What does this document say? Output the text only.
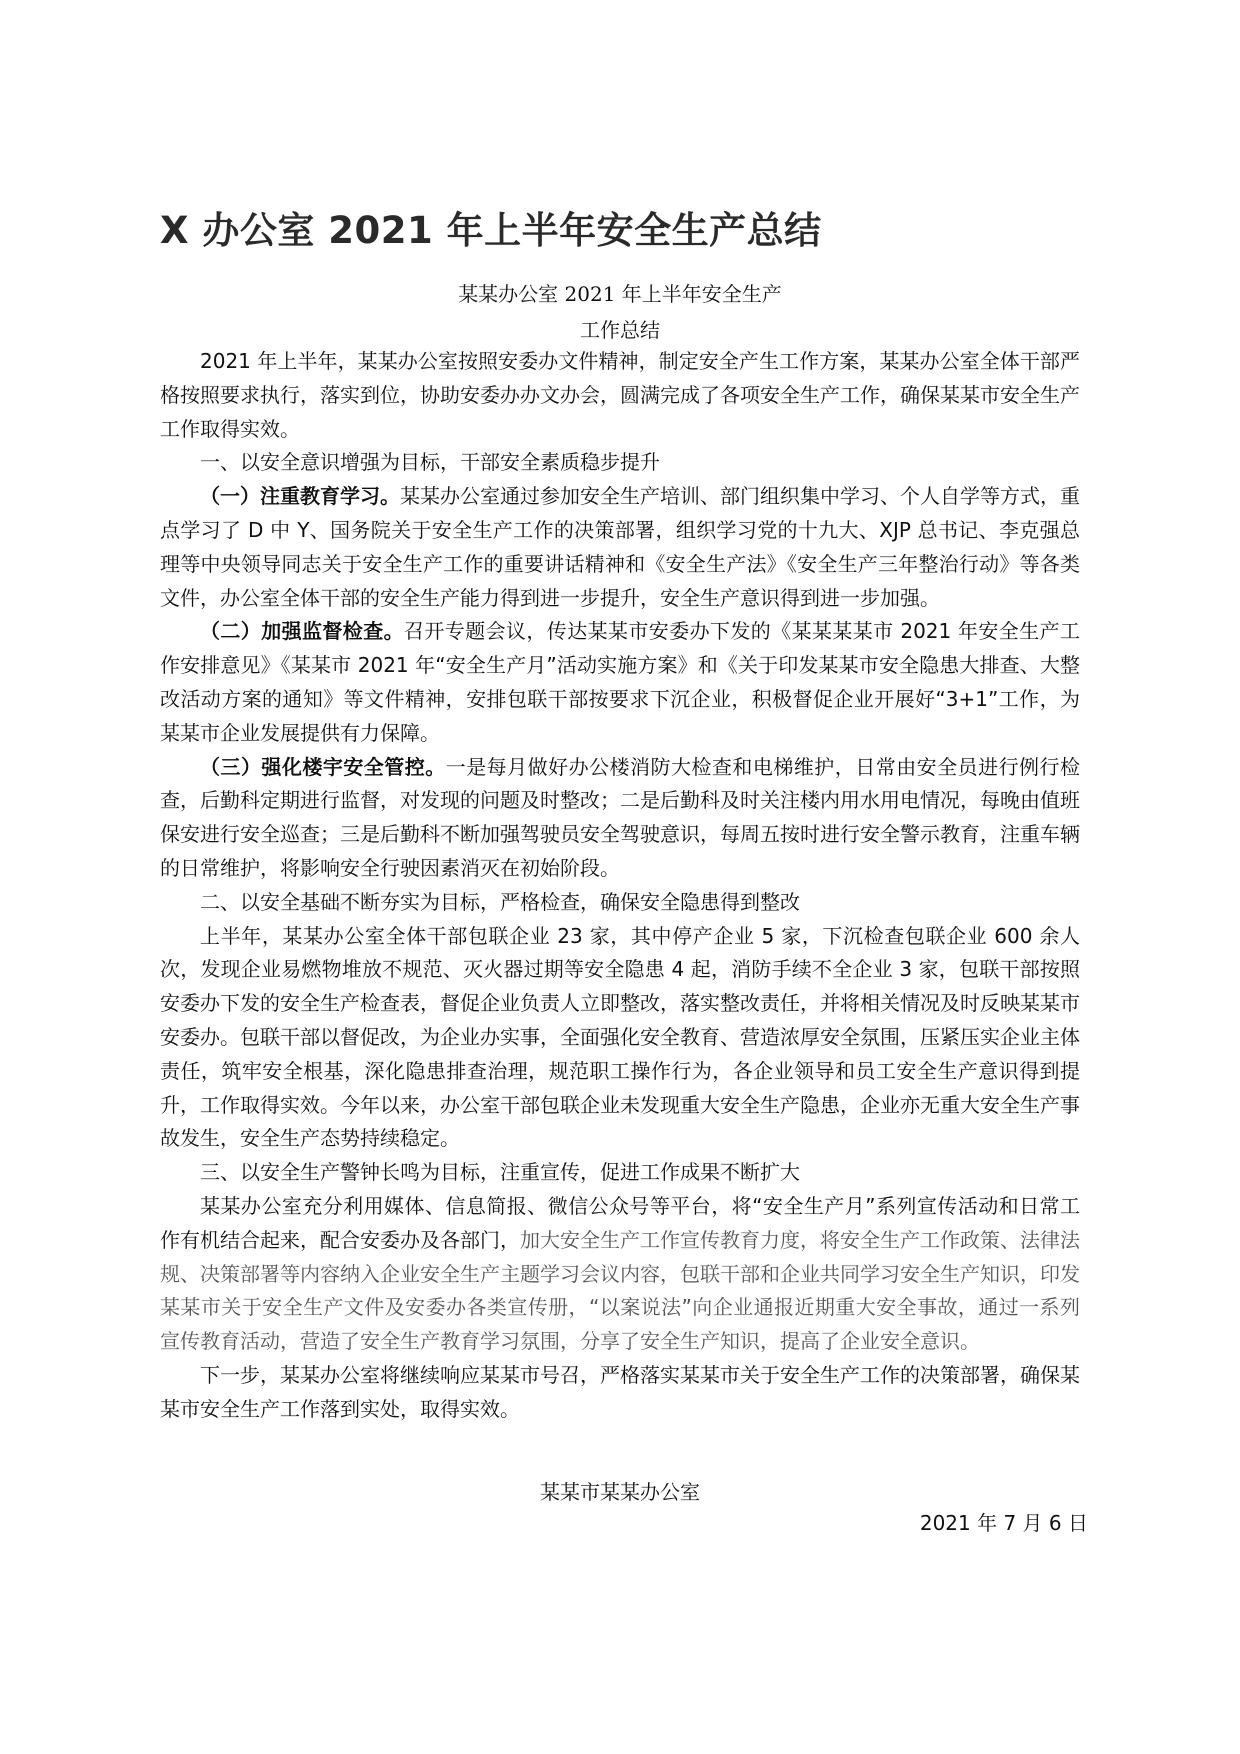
X 办公室 2021 年上半年安全生产总结

某某办公室 2021 年上半年安全生产

工作总结

2021 年上半年，某某办公室按照安委办文件精神，制定安全产生工作方案，某某办公室全体干部严格按照要求执行，落实到位，协助安委办办文办会，圆满完成了各项安全生产工作，确保某某市安全生产工作取得实效。

一、以安全意识增强为目标，干部安全素质稳步提升

（一）注重教育学习。某某办公室通过参加安全生产培训、部门组织集中学习、个人自学等方式，重点学习了 D 中 Y、国务院关于安全生产工作的决策部署，组织学习党的十九大、XJP 总书记、李克强总理等中央领导同志关于安全生产工作的重要讲话精神和《安全生产法》《安全生产三年整治行动》等各类文件，办公室全体干部的安全生产能力得到进一步提升，安全生产意识得到进一步加强。

（二）加强监督检查。召开专题会议，传达某某市安委办下发的《某某某某市 2021 年安全生产工作安排意见》《某某市 2021 年“安全生产月”活动实施方案》和《关于印发某某市安全隐患大排查、大整改活动方案的通知》等文件精神，安排包联干部按要求下沉企业，积极督促企业开展好“3+1”工作，为某某市企业发展提供有力保障。

（三）强化楼宇安全管控。一是每月做好办公楼消防大检查和电梯维护，日常由安全员进行例行检查，后勤科定期进行监督，对发现的问题及时整改；二是后勤科及时关注楼内用水用电情况，每晚由值班保安进行安全巡查；三是后勤科不断加强驾驶员安全驾驶意识，每周五按时进行安全警示教育，注重车辆的日常维护，将影响安全行驶因素消灭在初始阶段。

二、以安全基础不断夯实为目标，严格检查，确保安全隐患得到整改

上半年，某某办公室全体干部包联企业 23 家，其中停产企业 5 家，下沉检查包联企业 600 余人次，发现企业易燃物堆放不规范、灭火器过期等安全隐患 4 起，消防手续不全企业 3 家，包联干部按照安委办下发的安全生产检查表，督促企业负责人立即整改，落实整改责任，并将相关情况及时反映某某市安委办。包联干部以督促改，为企业办实事，全面强化安全教育、营造浓厚安全氛围，压紧压实企业主体责任，筑牢安全根基，深化隐患排查治理，规范职工操作行为，各企业领导和员工安全生产意识得到提升，工作取得实效。今年以来，办公室干部包联企业未发现重大安全生产隐患，企业亦无重大安全生产事故发生，安全生产态势持续稳定。

三、以安全生产警钟长鸣为目标，注重宣传，促进工作成果不断扩大

某某办公室充分利用媒体、信息简报、微信公众号等平台，将“安全生产月”系列宣传活动和日常工作有机结合起来，配合安委办及各部门，加大安全生产工作宣传教育力度，将安全生产工作政策、法律法规、决策部署等内容纳入企业安全生产主题学习会议内容，包联干部和企业共同学习安全生产知识，印发某某市关于安全生产文件及安委办各类宣传册，“以案说法”向企业通报近期重大安全事故，通过一系列宣传教育活动，营造了安全生产教育学习氛围，分享了安全生产知识，提高了企业安全意识。

下一步，某某办公室将继续响应某某市号召，严格落实某某市关于安全生产工作的决策部署，确保某某市安全生产工作落到实处，取得实效。

某某市某某办公室

2021 年 7 月 6 日
